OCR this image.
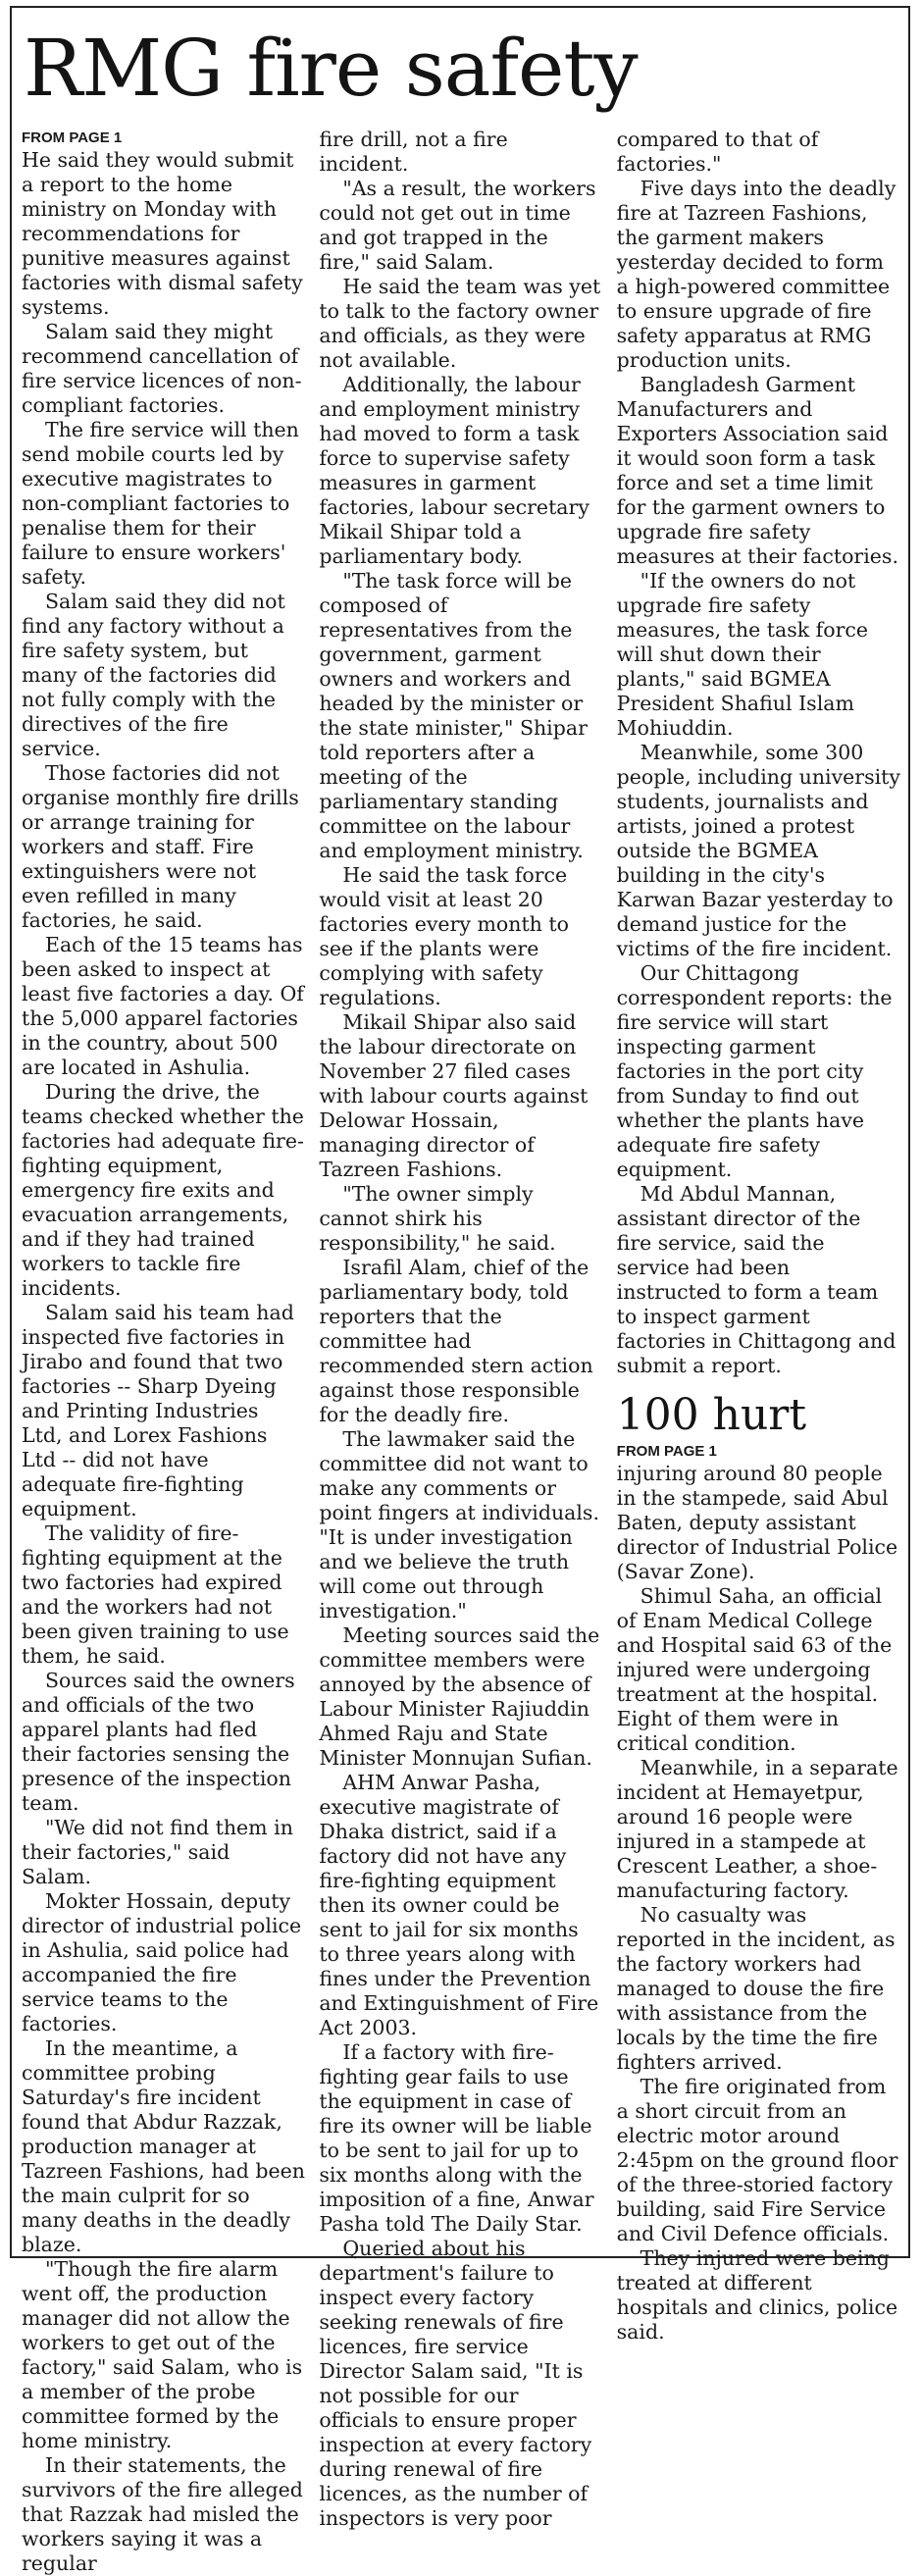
RMG fire safety
FROM PAGE 1

He said they would submit a report to the home ministry on Monday with recommendations for punitive measures against factories with dismal safety systems.

Salam said they might recommend cancellation of fire service licences of non-compliant factories.

The fire service will then send mobile courts led by executive magistrates to non-compliant factories to penalise them for their failure to ensure workers' safety.

Salam said they did not find any factory without a fire safety system, but many of the factories did not fully comply with the directives of the fire service.

Those factories did not organise monthly fire drills or arrange training for workers and staff. Fire extinguishers were not even refilled in many factories, he said.

Each of the 15 teams has been asked to inspect at least five factories a day. Of the 5,000 apparel factories in the country, about 500 are located in Ashulia.

During the drive, the teams checked whether the factories had adequate fire-fighting equipment, emergency fire exits and evacuation arrangements, and if they had trained workers to tackle fire incidents.

Salam said his team had inspected five factories in Jirabo and found that two factories -- Sharp Dyeing and Printing Industries Ltd, and Lorex Fashions Ltd -- did not have adequate fire-fighting equipment.

The validity of fire-fighting equipment at the two factories had expired and the workers had not been given training to use them, he said.

Sources said the owners and officials of the two apparel plants had fled their factories sensing the presence of the inspection team.

"We did not find them in their factories," said Salam.

Mokter Hossain, deputy director of industrial police in Ashulia, said police had accompanied the fire service teams to the factories.

In the meantime, a committee probing Saturday's fire incident found that Abdur Razzak, production manager at Tazreen Fashions, had been the main culprit for so many deaths in the deadly blaze.

"Though the fire alarm went off, the production manager did not allow the workers to get out of the factory," said Salam, who is a member of the probe committee formed by the home ministry.

In their statements, the survivors of the fire alleged that Razzak had misled the workers saying it was a regular

fire drill, not a fire incident.

"As a result, the workers could not get out in time and got trapped in the fire," said Salam.

He said the team was yet to talk to the factory owner and officials, as they were not available.

Additionally, the labour and employment ministry had moved to form a task force to supervise safety measures in garment factories, labour secretary Mikail Shipar told a parliamentary body.

"The task force will be composed of representatives from the government, garment owners and workers and headed by the minister or the state minister," Shipar told reporters after a meeting of the parliamentary standing committee on the labour and employment ministry.

He said the task force would visit at least 20 factories every month to see if the plants were complying with safety regulations.

Mikail Shipar also said the labour directorate on November 27 filed cases with labour courts against Delowar Hossain, managing director of Tazreen Fashions.

"The owner simply cannot shirk his responsibility," he said.

Israfil Alam, chief of the parliamentary body, told reporters that the committee had recommended stern action against those responsible for the deadly fire.

The lawmaker said the committee did not want to make any comments or point fingers at individuals. "It is under investigation and we believe the truth will come out through investigation."

Meeting sources said the committee members were annoyed by the absence of Labour Minister Rajiuddin Ahmed Raju and State Minister Monnujan Sufian.

AHM Anwar Pasha, executive magistrate of Dhaka district, said if a factory did not have any fire-fighting equipment then its owner could be sent to jail for six months to three years along with fines under the Prevention and Extinguishment of Fire Act 2003.

If a factory with fire-fighting gear fails to use the equipment in case of fire its owner will be liable to be sent to jail for up to six months along with the imposition of a fine, Anwar Pasha told The Daily Star.

Queried about his department's failure to inspect every factory seeking renewals of fire licences, fire service Director Salam said, "It is not possible for our officials to ensure proper inspection at every factory during renewal of fire licences, as the number of inspectors is very poor

compared to that of factories."

Five days into the deadly fire at Tazreen Fashions, the garment makers yesterday decided to form a high-powered committee to ensure upgrade of fire safety apparatus at RMG production units.

Bangladesh Garment Manufacturers and Exporters Association said it would soon form a task force and set a time limit for the garment owners to upgrade fire safety measures at their factories.

"If the owners do not upgrade fire safety measures, the task force will shut down their plants," said BGMEA President Shafiul Islam Mohiuddin.

Meanwhile, some 300 people, including university students, journalists and artists, joined a protest outside the BGMEA building in the city's Karwan Bazar yesterday to demand justice for the victims of the fire incident.

Our Chittagong correspondent reports: the fire service will start inspecting garment factories in the port city from Sunday to find out whether the plants have adequate fire safety equipment.

Md Abdul Mannan, assistant director of the fire service, said the service had been instructed to form a team to inspect garment factories in Chittagong and submit a report.

100 hurt
FROM PAGE 1

injuring around 80 people in the stampede, said Abul Baten, deputy assistant director of Industrial Police (Savar Zone).

Shimul Saha, an official of Enam Medical College and Hospital said 63 of the injured were undergoing treatment at the hospital. Eight of them were in critical condition.

Meanwhile, in a separate incident at Hemayetpur, around 16 people were injured in a stampede at Crescent Leather, a shoe-manufacturing factory.

No casualty was reported in the incident, as the factory workers had managed to douse the fire with assistance from the locals by the time the fire fighters arrived.

The fire originated from a short circuit from an electric motor around 2:45pm on the ground floor of the three-storied factory building, said Fire Service and Civil Defence officials.

They injured were being treated at different hospitals and clinics, police said.
